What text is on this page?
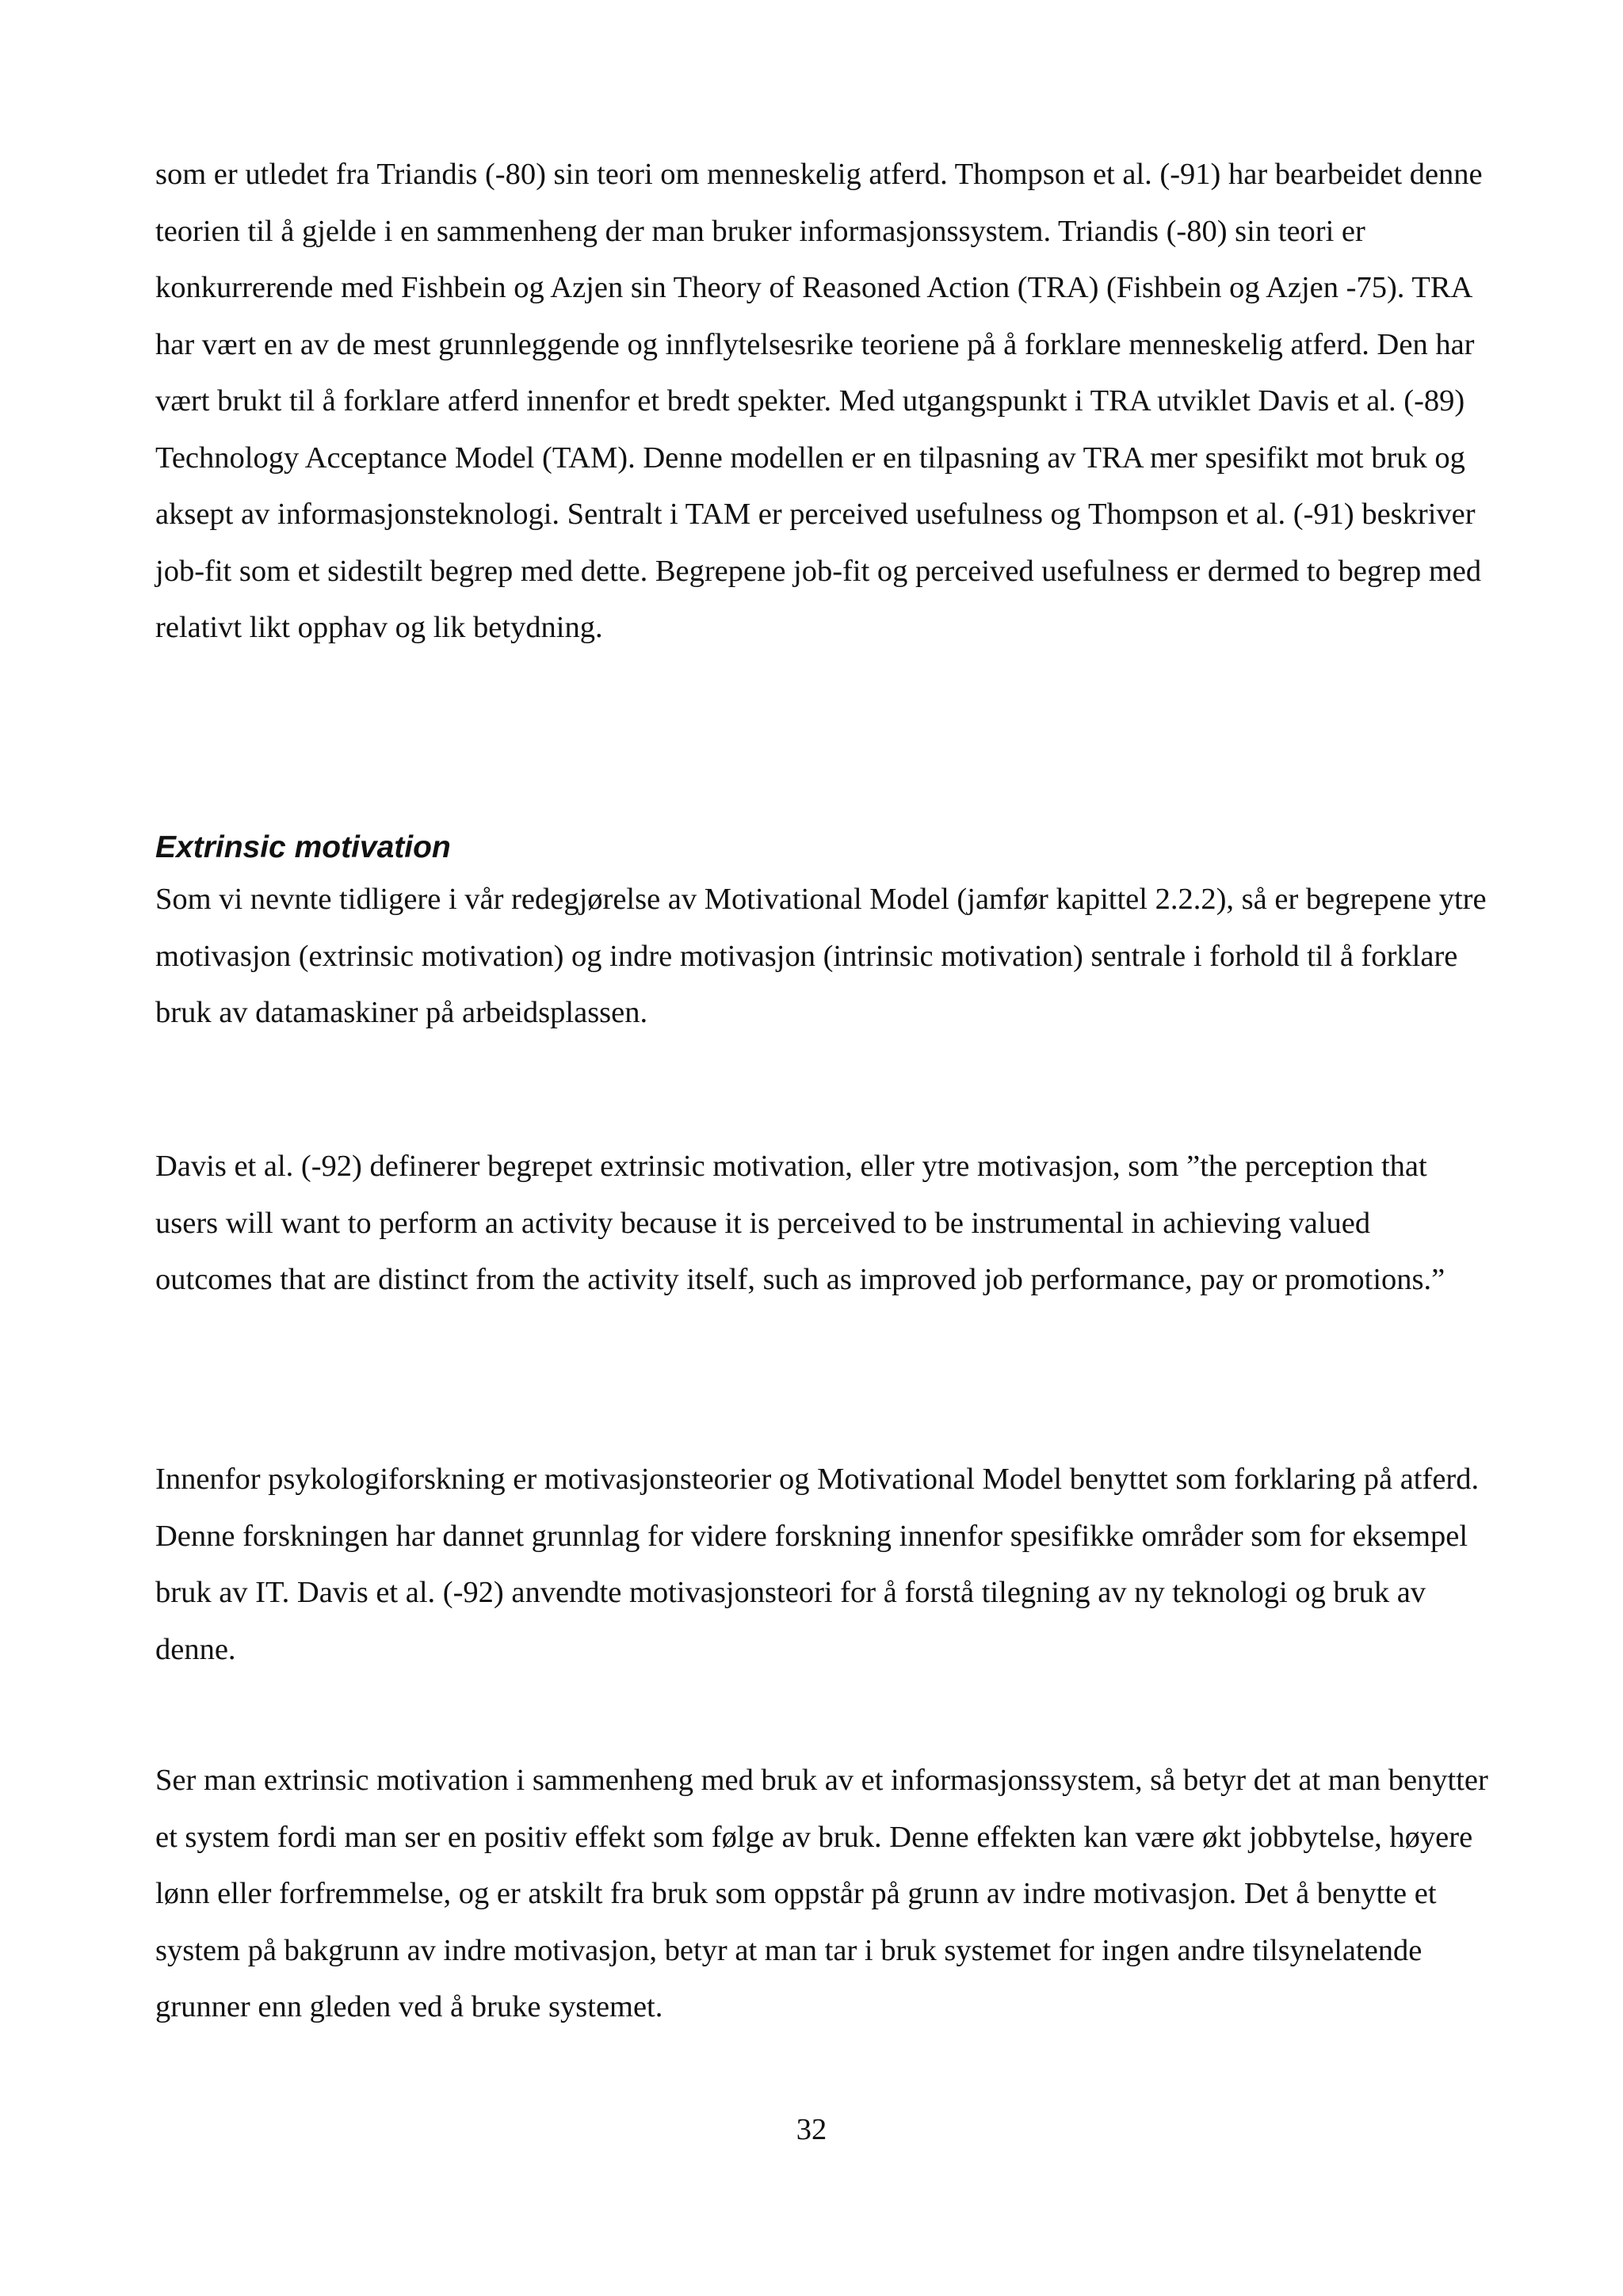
som er utledet fra Triandis (-80) sin teori om menneskelig atferd. Thompson et al. (-91) har bearbeidet denne teorien til å gjelde i en sammenheng der man bruker informasjonssystem. Triandis (-80) sin teori er konkurrerende med Fishbein og Azjen sin Theory of Reasoned Action (TRA) (Fishbein og Azjen -75). TRA har vært en av de mest grunnleggende og innflytelsesrike teoriene på å forklare menneskelig atferd. Den har vært brukt til å forklare atferd innenfor et bredt spekter. Med utgangspunkt i TRA utviklet Davis et al. (-89) Technology Acceptance Model (TAM). Denne modellen er en tilpasning av TRA mer spesifikt mot bruk og aksept av informasjonsteknologi. Sentralt i TAM er perceived usefulness og Thompson et al. (-91) beskriver job-fit som et sidestilt begrep med dette. Begrepene job-fit og perceived usefulness er dermed to begrep med relativt likt opphav og lik betydning.

Extrinsic motivation

Som vi nevnte tidligere i vår redegjørelse av Motivational Model (jamfør kapittel 2.2.2), så er begrepene ytre motivasjon (extrinsic motivation) og indre motivasjon (intrinsic motivation) sentrale i forhold til å forklare bruk av datamaskiner på arbeidsplassen.

Davis et al. (-92) definerer begrepet extrinsic motivation, eller ytre motivasjon, som ”the perception that users will want to perform an activity because it is perceived to be instrumental in achieving valued outcomes that are distinct from the activity itself, such as improved job performance, pay or promotions.”

Innenfor psykologiforskning er motivasjonsteorier og Motivational Model benyttet som forklaring på atferd. Denne forskningen har dannet grunnlag for videre forskning innenfor spesifikke områder som for eksempel bruk av IT. Davis et al. (-92) anvendte motivasjonsteori for å forstå tilegning av ny teknologi og bruk av denne.

Ser man extrinsic motivation i sammenheng med bruk av et informasjonssystem, så betyr det at man benytter et system fordi man ser en positiv effekt som følge av bruk. Denne effekten kan være økt jobbytelse, høyere lønn eller forfremmelse, og er atskilt fra bruk som oppstår på grunn av indre motivasjon. Det å benytte et system på bakgrunn av indre motivasjon, betyr at man tar i bruk systemet for ingen andre tilsynelatende grunner enn gleden ved å bruke systemet.

32
